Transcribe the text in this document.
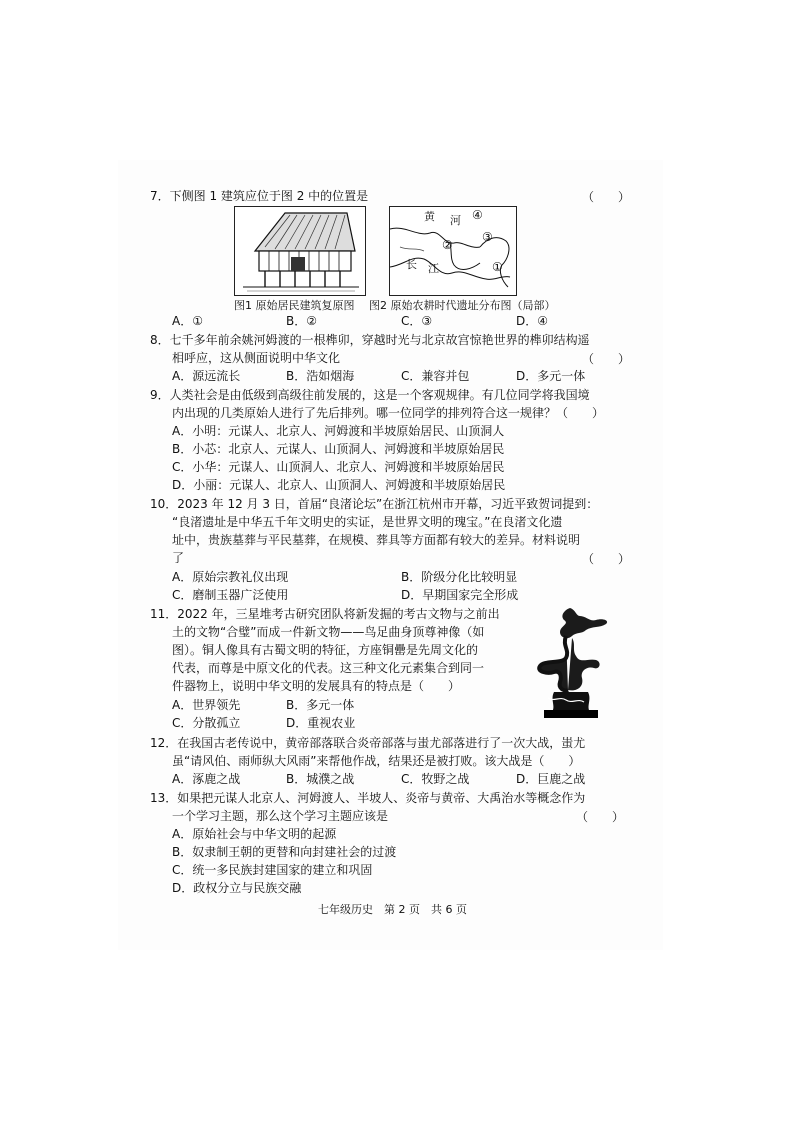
7．下侧图 1 建筑应位于图 2 中的位置是	（　　）
黄 河 ④
③
②
长 江	①
图1 原始居民建筑复原图 图2 原始农耕时代遗址分布图（局部）
A．①	B．②	C．③	D．④
8．七千多年前余姚河姆渡的一根榫卯，穿越时光与北京故宫惊艳世界的榫卯结构遥
相呼应，这从侧面说明中华文化	（　　）
A．源远流长	B．浩如烟海	C．兼容并包	D．多元一体
9．人类社会是由低级到高级往前发展的，这是一个客观规律。有几位同学将我国境
内出现的几类原始人进行了先后排列。哪一位同学的排列符合这一规律？（　　）
A．小明：元谋人、北京人、河姆渡和半坡原始居民、山顶洞人
B．小芯：北京人、元谋人、山顶洞人、河姆渡和半坡原始居民
C．小华：元谋人、山顶洞人、北京人、河姆渡和半坡原始居民
D．小丽：元谋人、北京人、山顶洞人、河姆渡和半坡原始居民
10．2023 年 12 月 3 日，首届“良渚论坛”在浙江杭州市开幕，习近平致贺词提到：
“良渚遗址是中华五千年文明史的实证，是世界文明的瑰宝。”在良渚文化遗
址中，贵族墓葬与平民墓葬，在规模、葬具等方面都有较大的差异。材料说明
了	（　　）
A．原始宗教礼仪出现	B．阶级分化比较明显
C．磨制玉器广泛使用	D．早期国家完全形成
11．2022 年，三星堆考古研究团队将新发掘的考古文物与之前出
土的文物“合璧”而成一件新文物——鸟足曲身顶尊神像（如
图）。铜人像具有古蜀文明的特征，方座铜罍是先周文化的
代表，而尊是中原文化的代表。这三种文化元素集合到同一
件器物上，说明中华文明的发展具有的特点是（　　）
A．世界领先	B．多元一体
C．分散孤立	D．重视农业
12．在我国古老传说中，黄帝部落联合炎帝部落与蚩尤部落进行了一次大战，蚩尤
虽“请风伯、雨师纵大风雨”来帮他作战，结果还是被打败。该大战是（　　）
A．涿鹿之战	B．城濮之战	C．牧野之战	D．巨鹿之战
13．如果把元谋人北京人、河姆渡人、半坡人、炎帝与黄帝、大禹治水等概念作为
一个学习主题，那么这个学习主题应该是	（　　）
A．原始社会与中华文明的起源
B．奴隶制王朝的更替和向封建社会的过渡
C．统一多民族封建国家的建立和巩固
D．政权分立与民族交融
七年级历史　第 2 页　共 6 页
